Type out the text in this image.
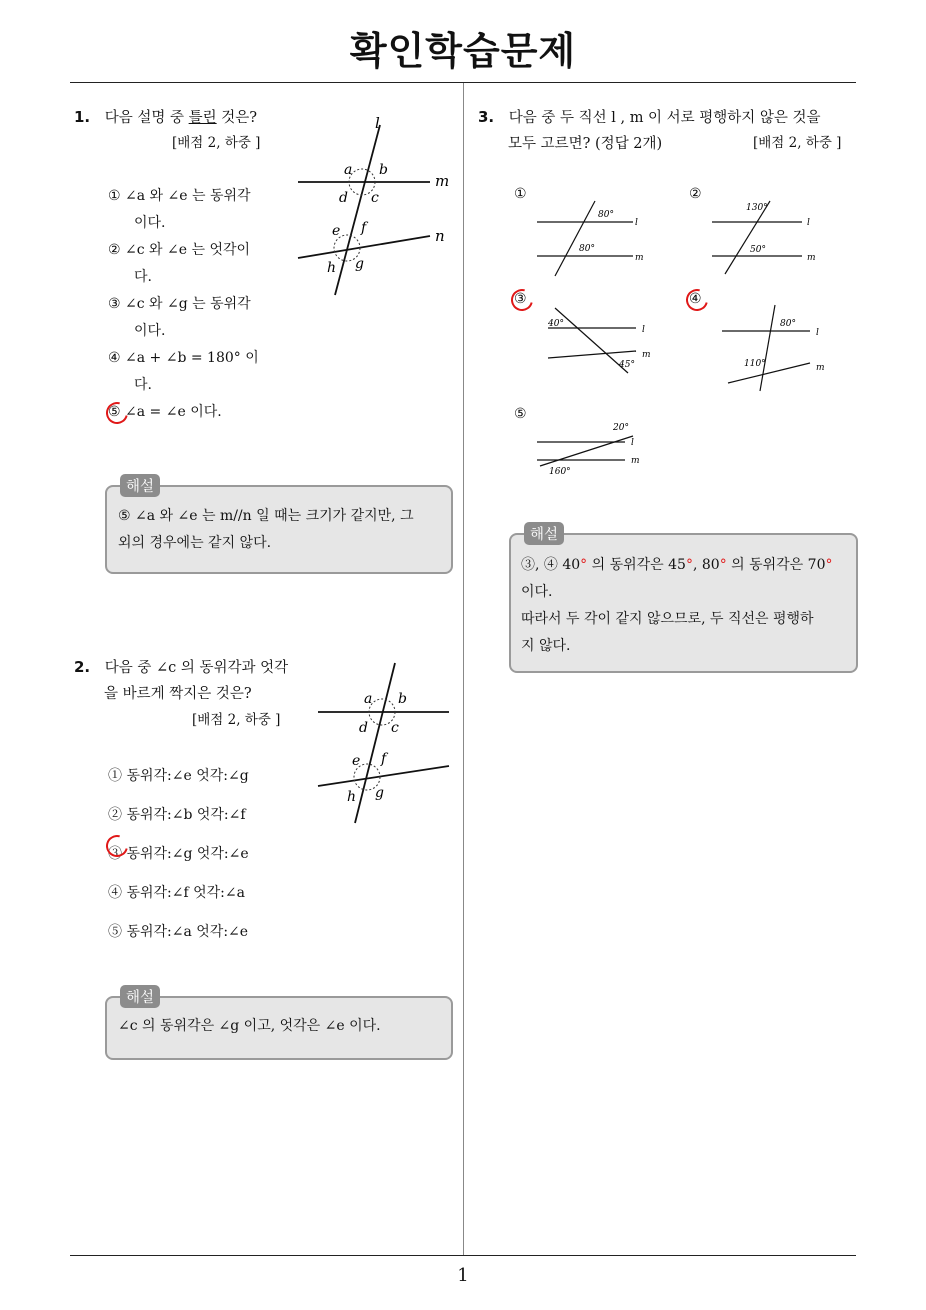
확인학습문제
1
1. 다음 설명 중 틀린 것은?
[배점 2, 하중 ]
① ∠a 와 ∠e 는 동위각
이다.
② ∠c 와 ∠e 는 엇각이
다.
③ ∠c 와 ∠g 는 동위각
이다.
④ ∠a + ∠b = 180° 이
다.
⑤ ∠a = ∠e 이다.
l
m
n
a b
d c
e f
h g
해설
⑤ ∠a 와 ∠e 는 m//n 일 때는 크기가 같지만, 그
외의 경우에는 같지 않다.
2. 다음 중 ∠c 의 동위각과 엇각
을 바르게 짝지은 것은?
[배점 2, 하중 ]
① 동위각:∠e 엇각:∠g
② 동위각:∠b 엇각:∠f
③ 동위각:∠g 엇각:∠e
④ 동위각:∠f 엇각:∠a
⑤ 동위각:∠a 엇각:∠e
a b
d c
e f
h g
해설
∠c 의 동위각은 ∠g 이고, 엇각은 ∠e 이다.
3. 다음 중 두 직선 l , m 이 서로 평행하지 않은 것을
모두 고르면? (정답 2개)	[배점 2, 하중 ]
①	②
③	④
⑤
80°
80°
l
m
130°
50°
l
m
40°
45°
l
m
80°
110°
l
m
20°
160°
l
m
해설
③, ④ 40° 의 동위각은 45°, 80° 의 동위각은 70°
이다.
따라서 두 각이 같지 않으므로, 두 직선은 평행하
지 않다.
